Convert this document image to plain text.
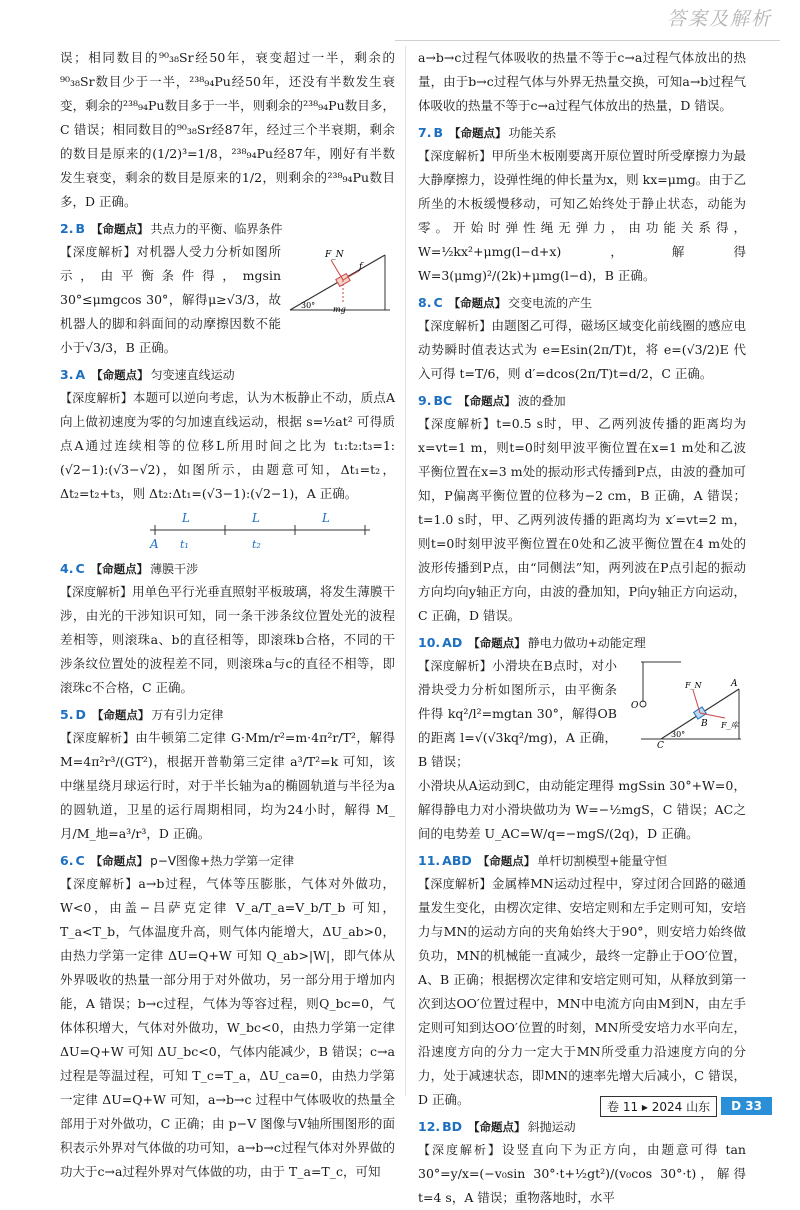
答案及解析

误；相同数目的⁹⁰₃₈Sr经50年，衰变超过一半，剩余的⁹⁰₃₈Sr数目少于一半，²³⁸₉₄Pu经50年，还没有半数发生衰变，剩余的²³⁸₉₄Pu数目多于一半，则剩余的²³⁸₉₄Pu数目多，C 错误；相同数目的⁹⁰₃₈Sr经87年，经过三个半衰期，剩余的数目是原来的(1/2)³=1/8，²³⁸₉₄Pu经87年，刚好有半数发生衰变，剩余的数目是原来的1/2，则剩余的²³⁸₉₄Pu数目多，D 正确。

2. B 【命题点】 共点力的平衡、临界条件

【深度解析】对机器人受力分析如图所示，由平衡条件得，mgsin 30°≤μmgcos 30°，解得μ≥√3/3，故机器人的脚和斜面间的动摩擦因数不能小于√3/3，B 正确。

F_N
f
30° mg
3. A 【命题点】 匀变速直线运动

【深度解析】本题可以逆向考虑，认为木板静止不动，质点A向上做初速度为零的匀加速直线运动，根据 s=½at² 可得质点A通过连续相等的位移L所用时间之比为 t₁:t₂:t₃=1:(√2−1):(√3−√2)，如图所示，由题意可知，Δt₁=t₂，Δt₂=t₂+t₃，则 Δt₂:Δt₁=(√3−1):(√2−1)，A 正确。

L	L	L
A t₁	t₂
4. C 【命题点】 薄膜干涉

【深度解析】用单色平行光垂直照射平板玻璃，将发生薄膜干涉，由光的干涉知识可知，同一条干涉条纹位置处光的波程差相等，则滚珠a、b的直径相等，即滚珠b合格，不同的干涉条纹位置处的波程差不同，则滚珠a与c的直径不相等，即滚珠c不合格，C 正确。

5. D 【命题点】 万有引力定律

【深度解析】由牛顿第二定律 G·Mm/r²=m·4π²r/T²，解得 M=4π²r³/(GT²)，根据开普勒第三定律 a³/T²=k 可知，该中继星绕月球运行时，对于半长轴为a的椭圆轨道与半径为a的圆轨道，卫星的运行周期相同，均为24小时，解得 M_月/M_地=a³/r³，D 正确。

6. C 【命题点】 p−V图像+热力学第一定律

【深度解析】a→b过程，气体等压膨胀，气体对外做功，W<0，由盖−吕萨克定律 V_a/T_a=V_b/T_b 可知，T_a<T_b，气体温度升高，则气体内能增大，ΔU_ab>0，由热力学第一定律 ΔU=Q+W 可知 Q_ab>|W|，即气体从外界吸收的热量一部分用于对外做功，另一部分用于增加内能，A 错误；b→c过程，气体为等容过程，则Q_bc=0，气体体积增大，气体对外做功，W_bc<0，由热力学第一定律 ΔU=Q+W 可知 ΔU_bc<0，气体内能减少，B 错误；c→a过程是等温过程，可知 T_c=T_a，ΔU_ca=0，由热力学第一定律 ΔU=Q+W 可知，a→b→c 过程中气体吸收的热量全部用于对外做功，C 正确；由 p−V 图像与V轴所围图形的面积表示外界对气体做的功可知，a→b→c过程气体对外界做的功大于c→a过程外界对气体做的功，由于 T_a=T_c，可知

a→b→c过程气体吸收的热量不等于c→a过程气体放出的热量，由于b→c过程气体与外界无热量交换，可知a→b过程气体吸收的热量不等于c→a过程气体放出的热量，D 错误。

7. B 【命题点】 功能关系

【深度解析】甲所坐木板刚要离开原位置时所受摩擦力为最大静摩擦力，设弹性绳的伸长量为x，则 kx=μmg。由于乙所坐的木板缓慢移动，可知乙始终处于静止状态，动能为零。开始时弹性绳无弹力，由功能关系得，W=½kx²+μmg(l−d+x)，解得 W=3(μmg)²/(2k)+μmg(l−d)，B 正确。

8. C 【命题点】 交变电流的产生

【深度解析】由题图乙可得，磁场区域变化前线圈的感应电动势瞬时值表达式为 e=Esin(2π/T)t，将 e=(√3/2)E 代入可得 t=T/6，则 d′=dcos(2π/T)t=d/2，C 正确。

9. BC 【命题点】 波的叠加

【深度解析】t=0.5 s时，甲、乙两列波传播的距离均为 x=vt=1 m，则t=0时刻甲波平衡位置在x=1 m处和乙波平衡位置在x=3 m处的振动形式传播到P点，由波的叠加可知，P偏离平衡位置的位移为−2 cm，B 正确，A 错误；t=1.0 s时，甲、乙两列波传播的距离均为 x′=vt=2 m，则t=0时刻甲波平衡位置在0处和乙波平衡位置在4 m处的波形传播到P点，由“同侧法”知，两列波在P点引起的振动方向均向y轴正方向，由波的叠加知，P向y轴正方向运动，C 正确，D 错误。

10. AD 【命题点】 静电力做功+动能定理

【深度解析】小滑块在B点时，对小滑块受力分析如图所示，由平衡条件得 kq²/l²=mgtan 30°，解得OB的距离 l=√(√3kq²/mg)，A 正确，B 错误；

O
B
A
C
F_N
F_库
30°

小滑块从A运动到C，由动能定理得 mgSsin 30°+W=0，解得静电力对小滑块做功为 W=−½mgS，C 错误；AC之间的电势差 U_AC=W/q=−mgS/(2q)，D 正确。

11. ABD 【命题点】 单杆切割模型+能量守恒

【深度解析】金属棒MN运动过程中，穿过闭合回路的磁通量发生变化，由楞次定律、安培定则和左手定则可知，安培力与MN的运动方向的夹角始终大于90°，则安培力始终做负功，MN的机械能一直减少，最终一定静止于OO′位置，A、B 正确；根据楞次定律和安培定则可知，从释放到第一次到达OO′位置过程中，MN中电流方向由M到N，由左手定则可知到达OO′位置的时刻，MN所受安培力水平向左，沿速度方向的分力一定大于MN所受重力沿速度方向的分力，处于减速状态，即MN的速率先增大后减小，C 错误，D 正确。

12. BD 【命题点】 斜抛运动

【深度解析】设竖直向下为正方向，由题意可得 tan 30°=y/x=(−v₀sin 30°·t+½gt²)/(v₀cos 30°·t)，解得 t=4 s，A 错误；重物落地时，水平

卷 11 ▸ 2024 山东	D 33
